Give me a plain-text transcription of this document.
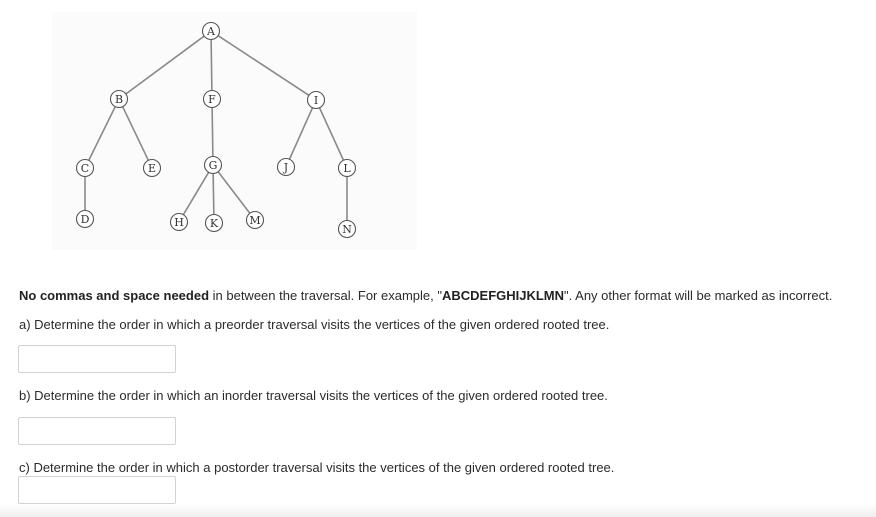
A
B	F	I
C	E	G	J	L
D	H K	M
N
No commas and space needed in between the traversal. For example, "ABCDEFGHIJKLMN". Any other format will be marked as incorrect.
a) Determine the order in which a preorder traversal visits the vertices of the given ordered rooted tree.
b) Determine the order in which an inorder traversal visits the vertices of the given ordered rooted tree.
c) Determine the order in which a postorder traversal visits the vertices of the given ordered rooted tree.
